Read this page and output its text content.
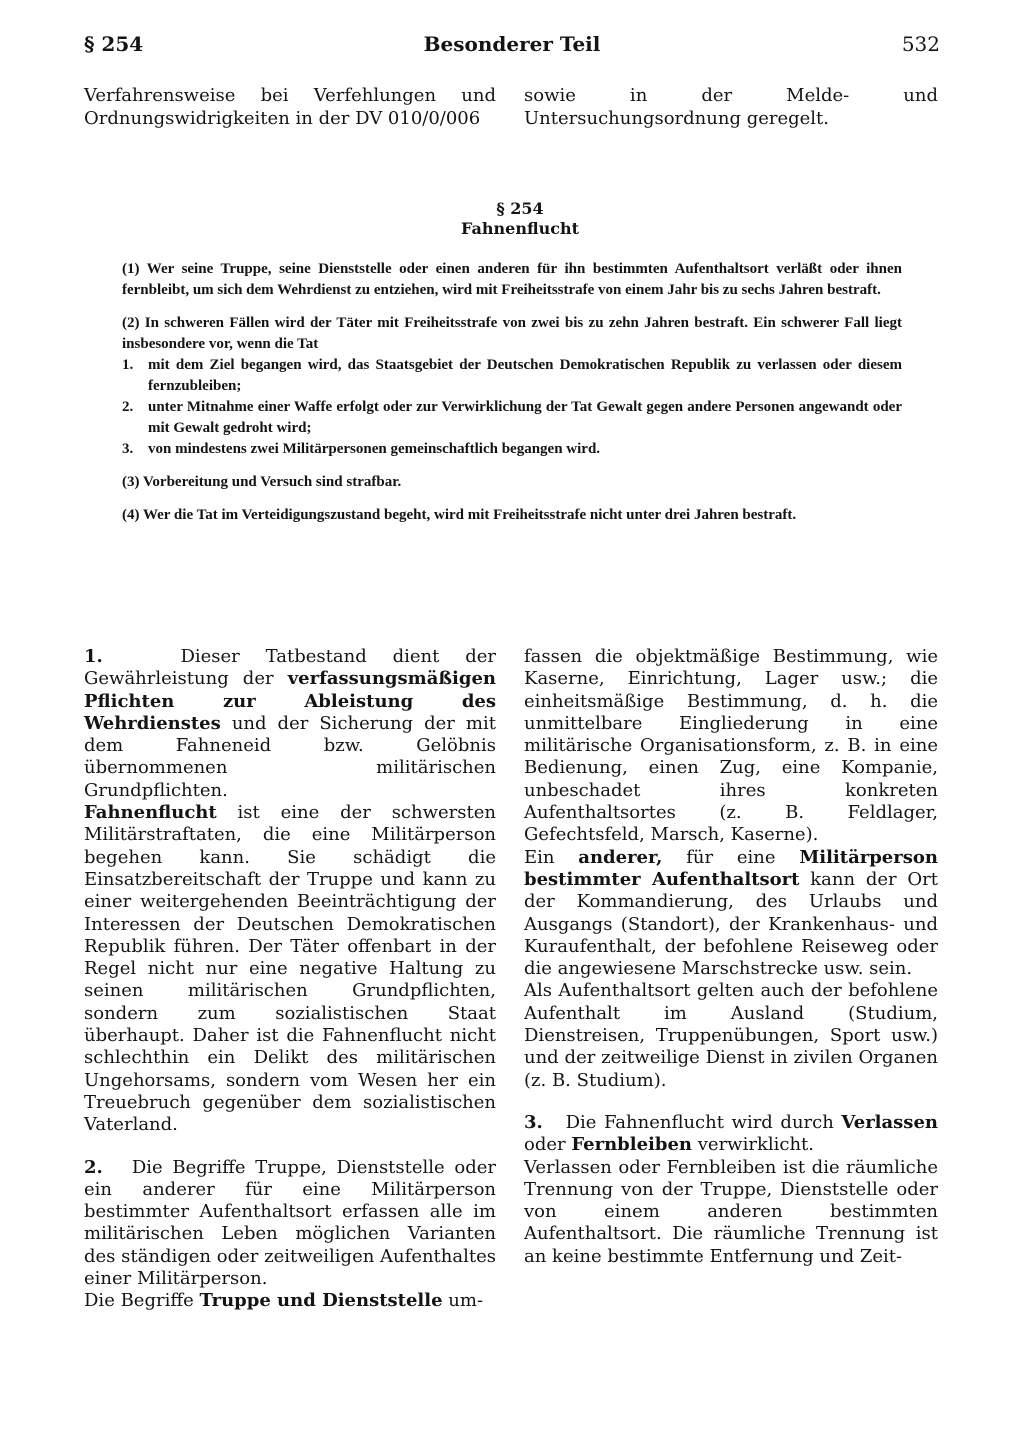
§ 254	Besonderer Teil	532

Verfahrensweise bei Verfehlungen und Ordnungswidrigkeiten in der DV 010/0/006

sowie in der Melde- und Untersuchungsordnung geregelt.

§ 254
Fahnenflucht

(1) Wer seine Truppe, seine Dienststelle oder einen anderen für ihn bestimmten Aufenthaltsort verläßt oder ihnen fernbleibt, um sich dem Wehrdienst zu entziehen, wird mit Freiheitsstrafe von einem Jahr bis zu sechs Jahren bestraft.

(2) In schweren Fällen wird der Täter mit Freiheitsstrafe von zwei bis zu zehn Jahren bestraft. Ein schwerer Fall liegt insbesondere vor, wenn die Tat

1. mit dem Ziel begangen wird, das Staatsgebiet der Deutschen Demokratischen Republik zu verlassen oder diesem fernzubleiben;
2. unter Mitnahme einer Waffe erfolgt oder zur Verwirklichung der Tat Gewalt gegen andere Personen angewandt oder mit Gewalt gedroht wird;
3. von mindestens zwei Militärpersonen gemeinschaftlich begangen wird.

(3) Vorbereitung und Versuch sind strafbar.

(4) Wer die Tat im Verteidigungszustand begeht, wird mit Freiheitsstrafe nicht unter drei Jahren bestraft.

1.	Dieser Tatbestand dient der Gewährleistung der verfassungsmäßigen Pflichten zur Ableistung des Wehrdienstes und der Sicherung der mit dem Fahneneid bzw. Gelöbnis übernommenen militärischen Grundpflichten.

Fahnenflucht ist eine der schwersten Militärstraftaten, die eine Militärperson begehen kann. Sie schädigt die Einsatzbereitschaft der Truppe und kann zu einer weitergehenden Beeinträchtigung der Interessen der Deutschen Demokratischen Republik führen. Der Täter offenbart in der Regel nicht nur eine negative Haltung zu seinen militärischen Grundpflichten, sondern zum sozialistischen Staat überhaupt. Daher ist die Fahnenflucht nicht schlechthin ein Delikt des militärischen Ungehorsams, sondern vom Wesen her ein Treuebruch gegenüber dem sozialistischen Vaterland.

2. Die Begriffe Truppe, Dienststelle oder ein anderer für eine Militärperson bestimmter Aufenthaltsort erfassen alle im militärischen Leben möglichen Varianten des ständigen oder zeitweiligen Aufenthaltes einer Militärperson.

Die Begriffe Truppe und Dienststelle um-

fassen die objektmäßige Bestimmung, wie Kaserne, Einrichtung, Lager usw.; die einheitsmäßige Bestimmung, d. h. die unmittelbare Eingliederung in eine militärische Organisationsform, z. B. in eine Bedienung, einen Zug, eine Kompanie, unbeschadet ihres konkreten Aufenthaltsortes (z. B. Feldlager, Gefechtsfeld, Marsch, Kaserne).

Ein anderer, für eine Militärperson bestimmter Aufenthaltsort kann der Ort der Kommandierung, des Urlaubs und Ausgangs (Standort), der Krankenhaus- und Kuraufenthalt, der befohlene Reiseweg oder die angewiesene Marschstrecke usw. sein.

Als Aufenthaltsort gelten auch der befohlene Aufenthalt im Ausland (Studium, Dienstreisen, Truppenübungen, Sport usw.) und der zeitweilige Dienst in zivilen Organen (z. B. Studium).

3. Die Fahnenflucht wird durch Verlassen oder Fernbleiben verwirklicht.

Verlassen oder Fernbleiben ist die räumliche Trennung von der Truppe, Dienststelle oder von einem anderen bestimmten Aufenthaltsort. Die räumliche Trennung ist an keine bestimmte Entfernung und Zeit-
